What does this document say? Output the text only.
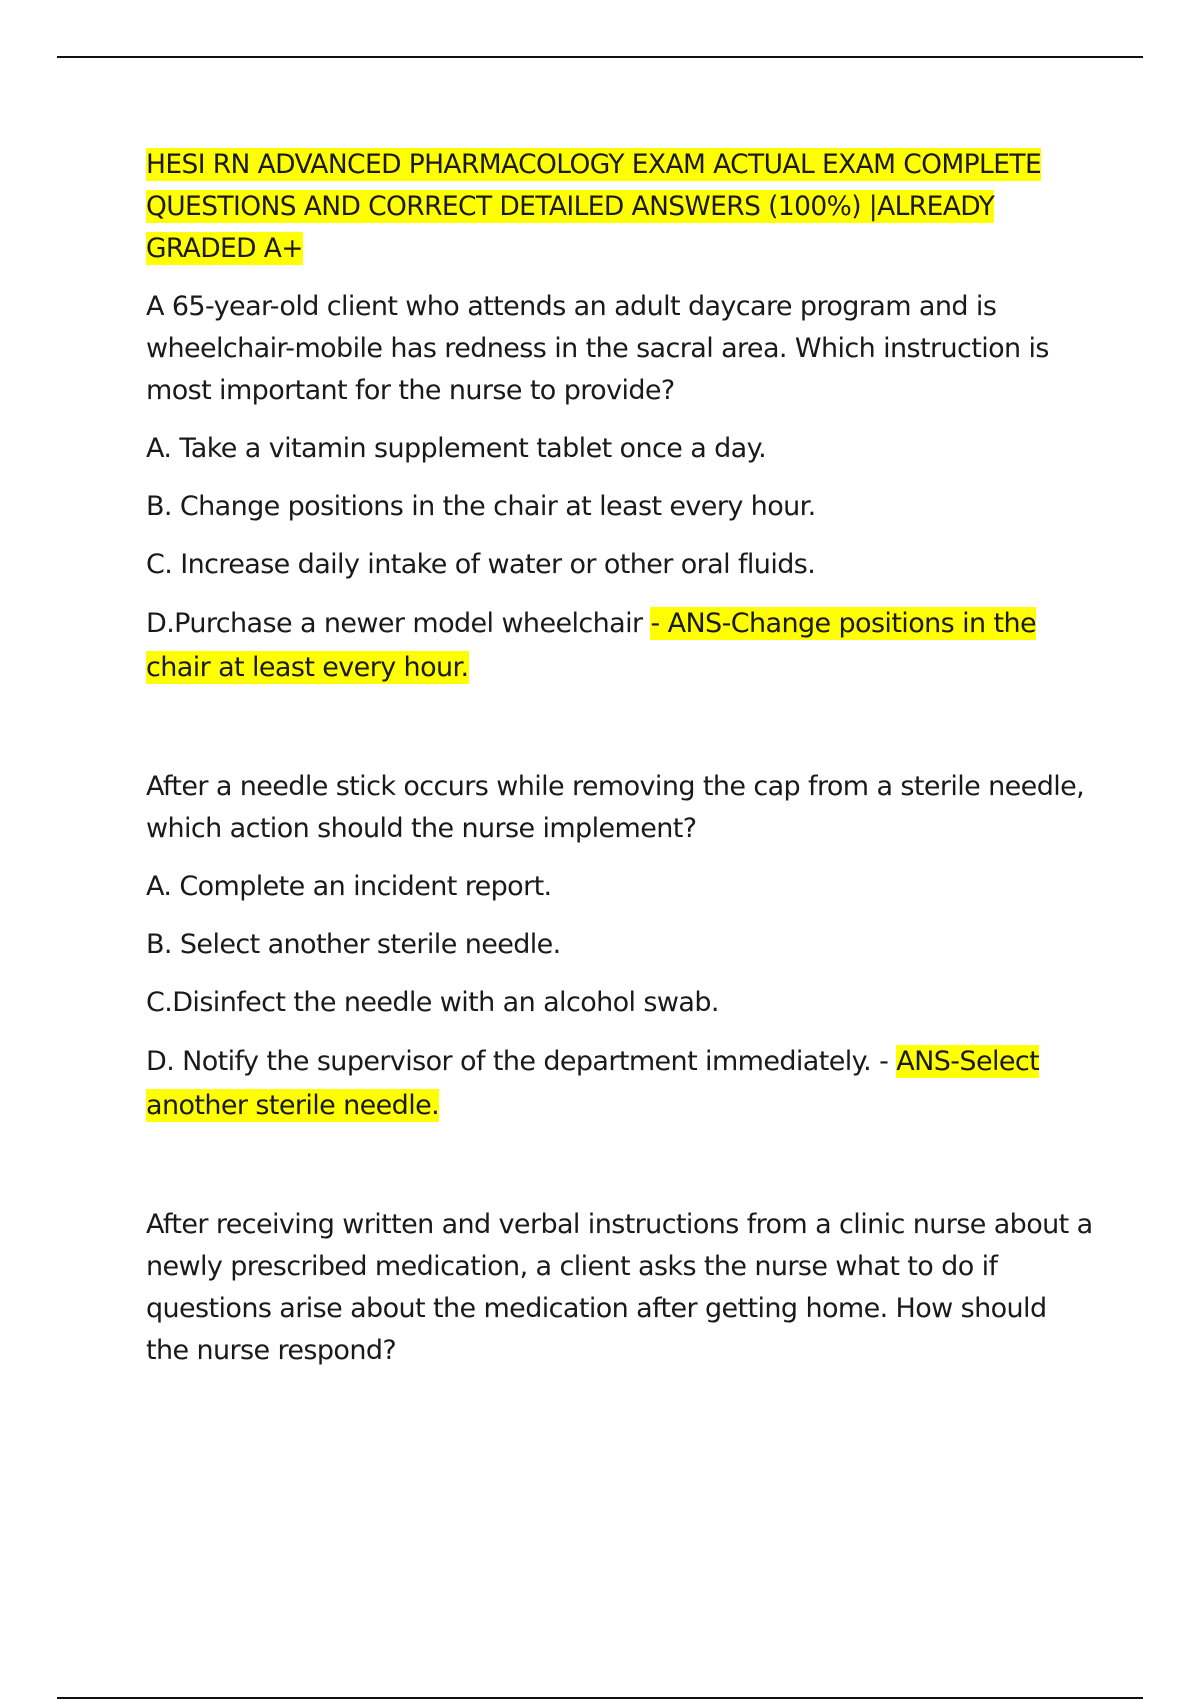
HESI RN ADVANCED PHARMACOLOGY EXAM ACTUAL EXAM COMPLETE QUESTIONS AND CORRECT DETAILED ANSWERS (100%) |ALREADY GRADED A+

A 65-year-old client who attends an adult daycare program and is wheelchair-mobile has redness in the sacral area. Which instruction is most important for the nurse to provide?

A. Take a vitamin supplement tablet once a day.

B. Change positions in the chair at least every hour.

C. Increase daily intake of water or other oral fluids.

D.Purchase a newer model wheelchair - ANS-Change positions in the chair at least every hour.

After a needle stick occurs while removing the cap from a sterile needle, which action should the nurse implement?

A. Complete an incident report.

B. Select another sterile needle.

C.Disinfect the needle with an alcohol swab.

D. Notify the supervisor of the department immediately. - ANS-Select another sterile needle.

After receiving written and verbal instructions from a clinic nurse about a newly prescribed medication, a client asks the nurse what to do if questions arise about the medication after getting home. How should the nurse respond?
